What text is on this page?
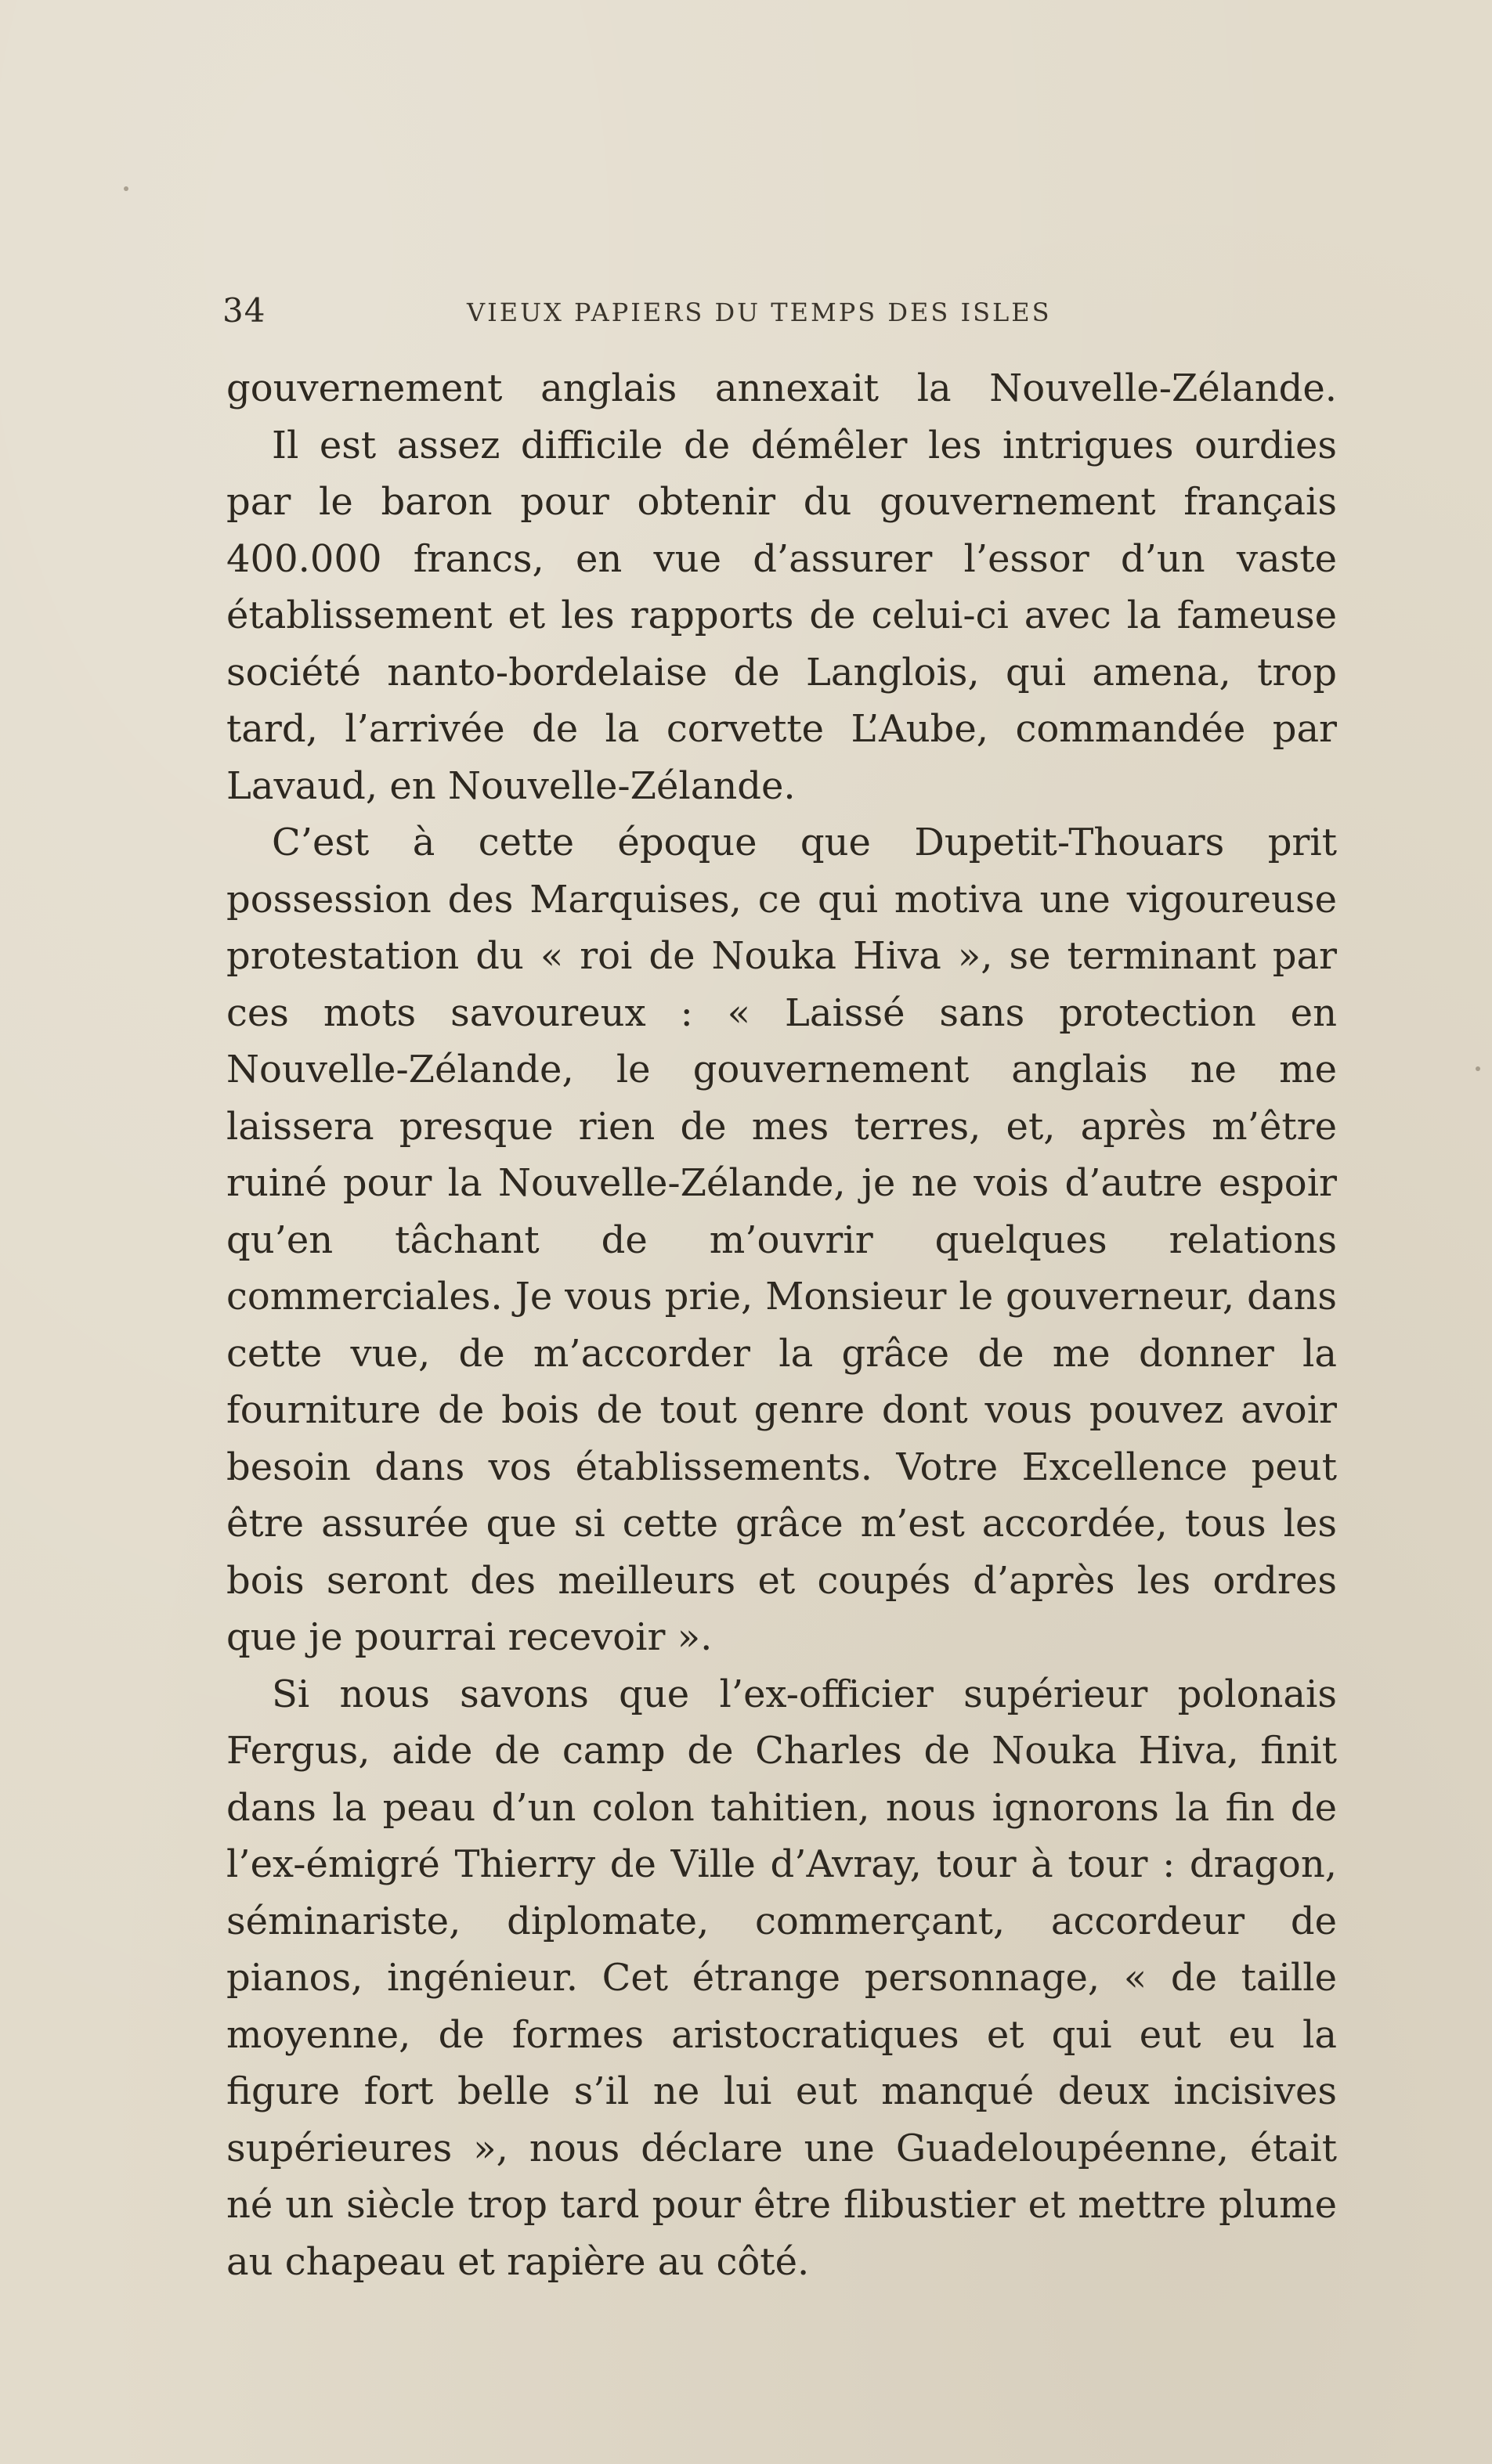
34	VIEUX PAPIERS DU TEMPS DES ISLES

gouvernement anglais annexait la Nouvelle-Zélande.

Il est assez difficile de démêler les intrigues ourdies par le baron pour obtenir du gouvernement français 400.000 francs, en vue d’assurer l’essor d’un vaste établissement et les rapports de celui-ci avec la fameuse société nanto-bordelaise de Langlois, qui amena, trop tard, l’arrivée de la corvette L’Aube, commandée par Lavaud, en Nouvelle-Zélande.

C’est à cette époque que Dupetit-Thouars prit possession des Marquises, ce qui motiva une vigoureuse protestation du « roi de Nouka Hiva », se terminant par ces mots savoureux : « Laissé sans protection en Nouvelle-Zélande, le gouvernement anglais ne me laissera presque rien de mes terres, et, après m’être ruiné pour la Nouvelle-Zélande, je ne vois d’autre espoir qu’en tâchant de m’ouvrir quelques relations commerciales. Je vous prie, Monsieur le gouverneur, dans cette vue, de m’accorder la grâce de me donner la fourniture de bois de tout genre dont vous pouvez avoir besoin dans vos établissements. Votre Excellence peut être assurée que si cette grâce m’est accordée, tous les bois seront des meilleurs et coupés d’après les ordres que je pourrai recevoir ».

Si nous savons que l’ex-officier supérieur polonais Fergus, aide de camp de Charles de Nouka Hiva, finit dans la peau d’un colon tahitien, nous ignorons la fin de l’ex-émigré Thierry de Ville d’Avray, tour à tour : dragon, séminariste, diplomate, commerçant, accordeur de pianos, ingénieur. Cet étrange personnage, « de taille moyenne, de formes aristocratiques et qui eut eu la figure fort belle s’il ne lui eut manqué deux incisives supérieures », nous déclare une Guadeloupéenne, était né un siècle trop tard pour être flibustier et mettre plume au chapeau et rapière au côté.
